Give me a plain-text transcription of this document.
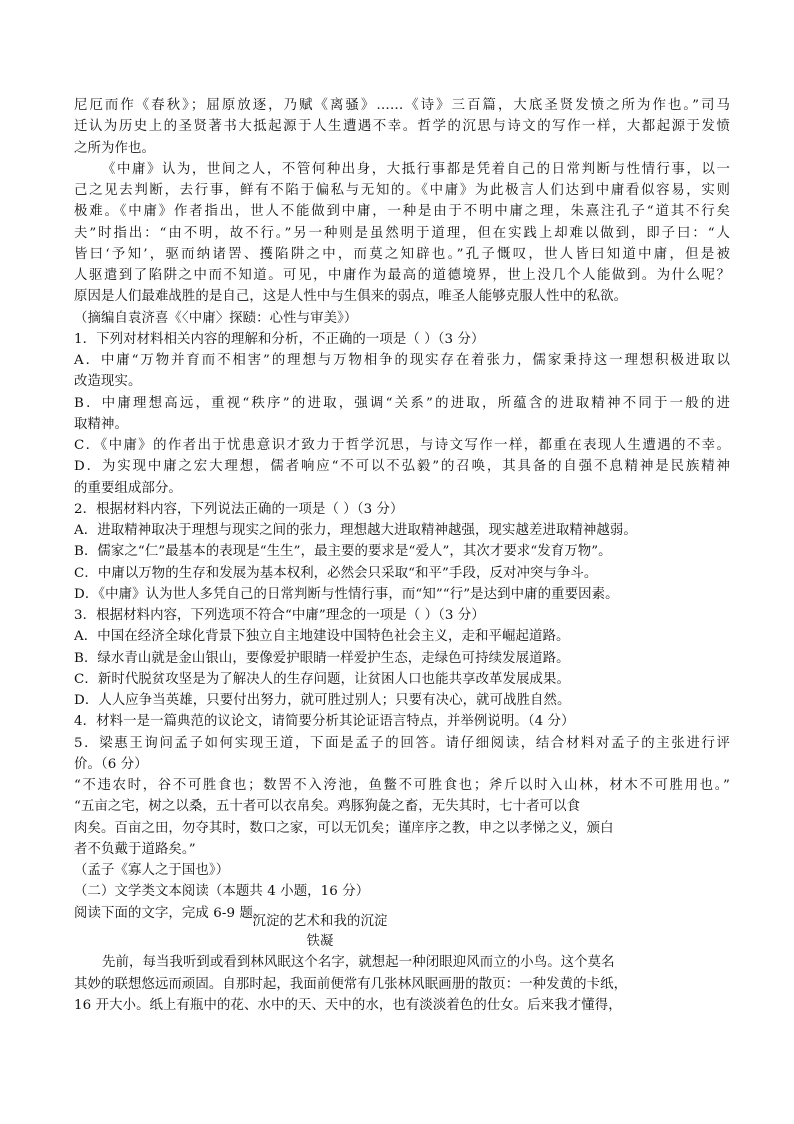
尼厄而作《春秋》；屈原放逐，乃赋《离骚》……《诗》三百篇，大底圣贤发愤之所为作也。”司马
迁认为历史上的圣贤著书大抵起源于人生遭遇不幸。哲学的沉思与诗文的写作一样，大都起源于发愤
之所为作也。
《中庸》认为，世间之人，不管何种出身，大抵行事都是凭着自己的日常判断与性情行事，以一
己之见去判断，去行事，鲜有不陷于偏私与无知的。《中庸》为此极言人们达到中庸看似容易，实则
极难。《中庸》作者指出，世人不能做到中庸，一种是由于不明中庸之理，朱熹注孔子“道其不行矣
夫”时指出：“由不明，故不行。”另一种则是虽然明于道理，但在实践上却难以做到，即子曰：“人
皆曰‘予知’，驱而纳诸罟、擭陷阱之中，而莫之知辟也。”孔子慨叹，世人皆曰知道中庸，但是被
人驱遣到了陷阱之中而不知道。可见，中庸作为最高的道德境界，世上没几个人能做到。为什么呢？
原因是人们最难战胜的是自己，这是人性中与生俱来的弱点，唯圣人能够克服人性中的私欲。
（摘编自袁济喜《〈中庸〉探赜：心性与审美》）
1．下列对材料相关内容的理解和分析，不正确的一项是（ ）（3 分）
A．中庸“万物并育而不相害”的理想与万物相争的现实存在着张力，儒家秉持这一理想积极进取以
改造现实。
B．中庸理想高远，重视“秩序”的进取，强调“关系”的进取，所蕴含的进取精神不同于一般的进
取精神。
C．《中庸》的作者出于忧患意识才致力于哲学沉思，与诗文写作一样，都重在表现人生遭遇的不幸。
D．为实现中庸之宏大理想，儒者响应“不可以不弘毅”的召唤，其具备的自强不息精神是民族精神
的重要组成部分。
2．根据材料内容，下列说法正确的一项是（ ）（3 分）
A．进取精神取决于理想与现实之间的张力，理想越大进取精神越强，现实越差进取精神越弱。
B．儒家之“仁”最基本的表现是“生生”，最主要的要求是“爱人”，其次才要求“发育万物”。
C．中庸以万物的生存和发展为基本权利，必然会只采取“和平”手段，反对冲突与争斗。
D．《中庸》认为世人多凭自己的日常判断与性情行事，而“知”“行”是达到中庸的重要因素。
3．根据材料内容，下列选项不符合“中庸”理念的一项是（ ）（3 分）
A．中国在经济全球化背景下独立自主地建设中国特色社会主义，走和平崛起道路。
B．绿水青山就是金山银山，要像爱护眼睛一样爱护生态，走绿色可持续发展道路。
C．新时代脱贫攻坚是为了解决人的生存问题，让贫困人口也能共享改革发展成果。
D．人人应争当英雄，只要付出努力，就可胜过别人；只要有决心，就可战胜自然。
4．材料一是一篇典范的议论文，请简要分析其论证语言特点，并举例说明。（4 分）
5．梁惠王询问孟子如何实现王道，下面是孟子的回答。请仔细阅读，结合材料对孟子的主张进行评
价。（6 分）
“不违农时，谷不可胜食也；数罟不入洿池，鱼鳖不可胜食也；斧斤以时入山林，材木不可胜用也。”
“五亩之宅，树之以桑，五十者可以衣帛矣。鸡豚狗彘之畜，无失其时，七十者可以食
肉矣。百亩之田，勿夺其时，数口之家，可以无饥矣；谨庠序之教，申之以孝悌之义，颁白
者不负戴于道路矣。”
（孟子《寡人之于国也》）
（二）文学类文本阅读（本题共 4 小题，16 分）
阅读下面的文字，完成 6-9 题。
沉淀的艺术和我的沉淀
铁凝
先前，每当我听到或看到林风眠这个名字，就想起一种闭眼迎风而立的小鸟。这个莫名
其妙的联想悠远而顽固。自那时起，我面前便常有几张林风眠画册的散页：一种发黄的卡纸，
16 开大小。纸上有瓶中的花、水中的天、天中的水，也有淡淡着色的仕女。后来我才懂得，
